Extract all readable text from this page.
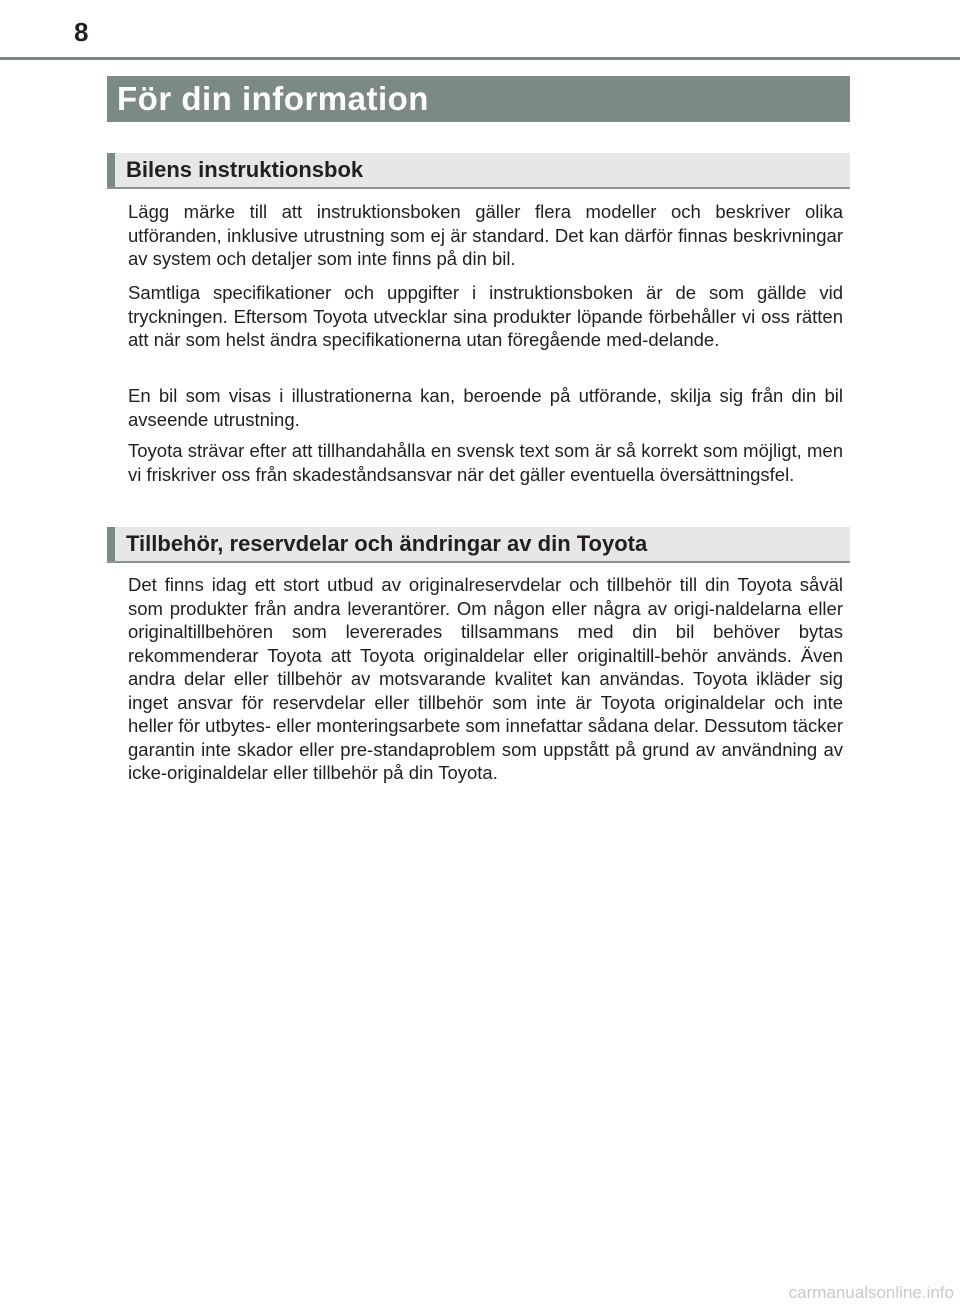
8
För din information
Bilens instruktionsbok

Lägg märke till att instruktionsboken gäller flera modeller och beskriver olika utföranden, inklusive utrustning som ej är standard. Det kan därför finnas beskrivningar av system och detaljer som inte finns på din bil.

Samtliga specifikationer och uppgifter i instruktionsboken är de som gällde vid tryckningen. Eftersom Toyota utvecklar sina produkter löpande förbehåller vi oss rätten att när som helst ändra specifikationerna utan föregående med-delande.

En bil som visas i illustrationerna kan, beroende på utförande, skilja sig från din bil avseende utrustning.

Toyota strävar efter att tillhandahålla en svensk text som är så korrekt som möjligt, men vi friskriver oss från skadeståndsansvar när det gäller eventuella översättningsfel.

Tillbehör, reservdelar och ändringar av din Toyota

Det finns idag ett stort utbud av originalreservdelar och tillbehör till din Toyota såväl som produkter från andra leverantörer. Om någon eller några av origi-naldelarna eller originaltillbehören som levererades tillsammans med din bil behöver bytas rekommenderar Toyota att Toyota originaldelar eller originaltill-behör används. Även andra delar eller tillbehör av motsvarande kvalitet kan användas. Toyota ikläder sig inget ansvar för reservdelar eller tillbehör som inte är Toyota originaldelar och inte heller för utbytes- eller monteringsarbete som innefattar sådana delar. Dessutom täcker garantin inte skador eller pre-standaproblem som uppstått på grund av användning av icke-originaldelar eller tillbehör på din Toyota.

carmanualsonline.info
